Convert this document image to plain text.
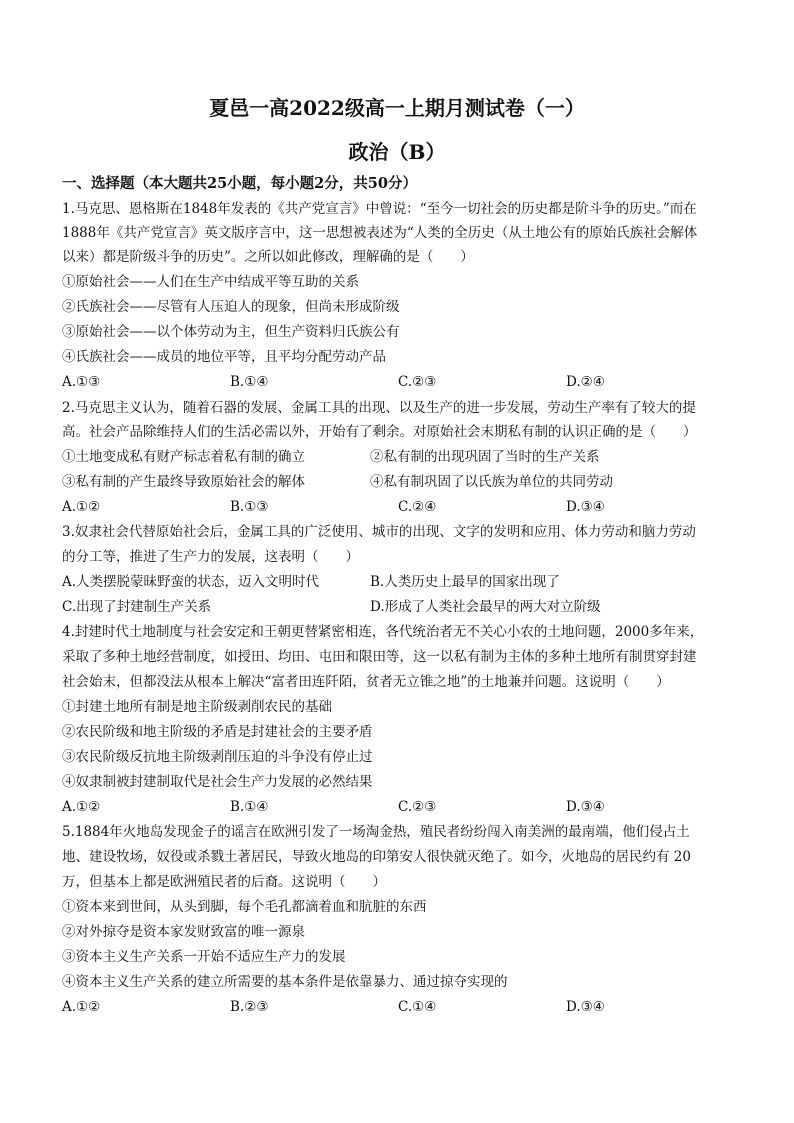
夏邑一高2022级高一上期月测试卷（一）
政治（B）
一、选择题（本大题共25小题，每小题2分，共50分）
1.马克思、恩格斯在1848年发表的《共产党宣言》中曾说：“至今一切社会的历史都是阶斗争的历史。”而在
1888年《共产党宣言》英文版序言中，这一思想被表述为“人类的全历史（从土地公有的原始氏族社会解体
以来）都是阶级斗争的历史”。之所以如此修改，理解确的是（　　）
①原始社会——人们在生产中结成平等互助的关系
②氏族社会——尽管有人压迫人的现象，但尚未形成阶级
③原始社会——以个体劳动为主，但生产资料归氏族公有
④氏族社会——成员的地位平等，且平均分配劳动产品
A.①③	B.①④	C.②③	D.②④
2.马克思主义认为，随着石器的发展、金属工具的出现、以及生产的进一步发展，劳动生产率有了较大的提
高。社会产品除维持人们的生活必需以外，开始有了剩余。对原始社会末期私有制的认识正确的是（　　）
①土地变成私有财产标志着私有制的确立	②私有制的出现巩固了当时的生产关系
③私有制的产生最终导致原始社会的解体	④私有制巩固了以氏族为单位的共同劳动
A.①②	B.①③	C.②④	D.③④
3.奴隶社会代替原始社会后，金属工具的广泛使用、城市的出现、文字的发明和应用、体力劳动和脑力劳动
的分工等，推进了生产力的发展，这表明（　　）
A.人类摆脱蒙昧野蛮的状态，迈入文明时代	B.人类历史上最早的国家出现了
C.出现了封建制生产关系	D.形成了人类社会最早的两大对立阶级
4.封建时代土地制度与社会安定和王朝更替紧密相连，各代统治者无不关心小农的土地问题，2000多年来，
采取了多种土地经营制度，如授田、均田、屯田和限田等，这一以私有制为主体的多种土地所有制贯穿封建
社会始末，但都没法从根本上解决“富者田连阡陌，贫者无立锥之地”的土地兼并问题。这说明（　　）
①封建土地所有制是地主阶级剥削农民的基础
②农民阶级和地主阶级的矛盾是封建社会的主要矛盾
③农民阶级反抗地主阶级剥削压迫的斗争没有停止过
④奴隶制被封建制取代是社会生产力发展的必然结果
A.①②	B.①④	C.②③	D.③④
5.1884年火地岛发现金子的谣言在欧洲引发了一场淘金热，殖民者纷纷闯入南美洲的最南端，他们侵占土
地、建设牧场，奴役或杀戮土著居民，导致火地岛的印第安人很快就灭绝了。如今，火地岛的居民约有 20
万，但基本上都是欧洲殖民者的后裔。这说明（　　）
①资本来到世间，从头到脚，每个毛孔都滴着血和肮脏的东西
②对外掠夺是资本家发财致富的唯一源泉
③资本主义生产关系一开始不适应生产力的发展
④资本主义生产关系的建立所需要的基本条件是依靠暴力、通过掠夺实现的
A.①②	B.②③	C.①④	D.③④
